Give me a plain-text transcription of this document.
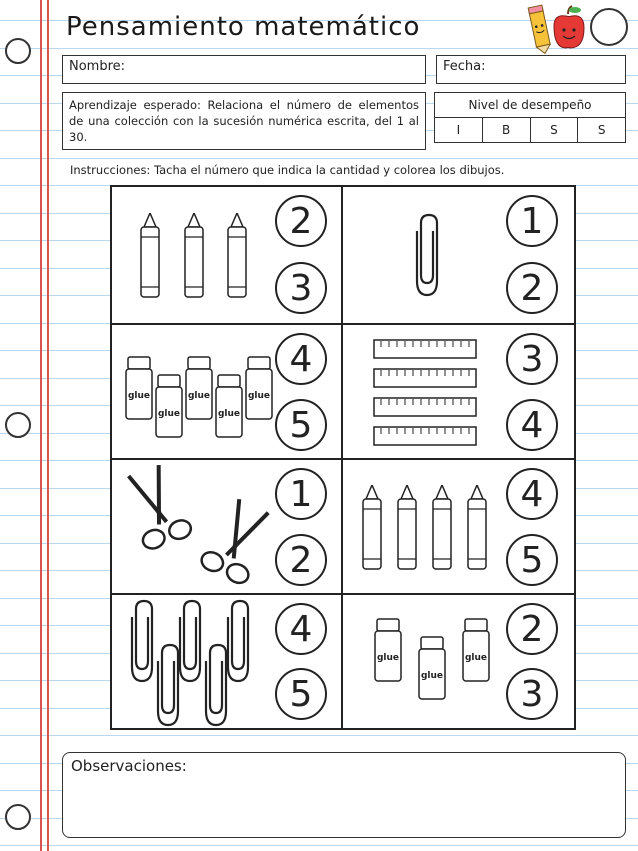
Pensamiento matemático
Nombre:	Fecha:
Aprendizaje esperado: Relaciona el número de elementos de una colección con la sucesión numérica escrita, del 1 al 30.
Nivel de desempeño
I	B	S	S
Instrucciones: Tacha el número que indica la cantidad y colorea los dibujos.
2
3
1
2
glue
glue
glue
glue
glue
4
5
3
4
1
2
4
5
4
5
glue
glue
glue
2
3
Observaciones:
